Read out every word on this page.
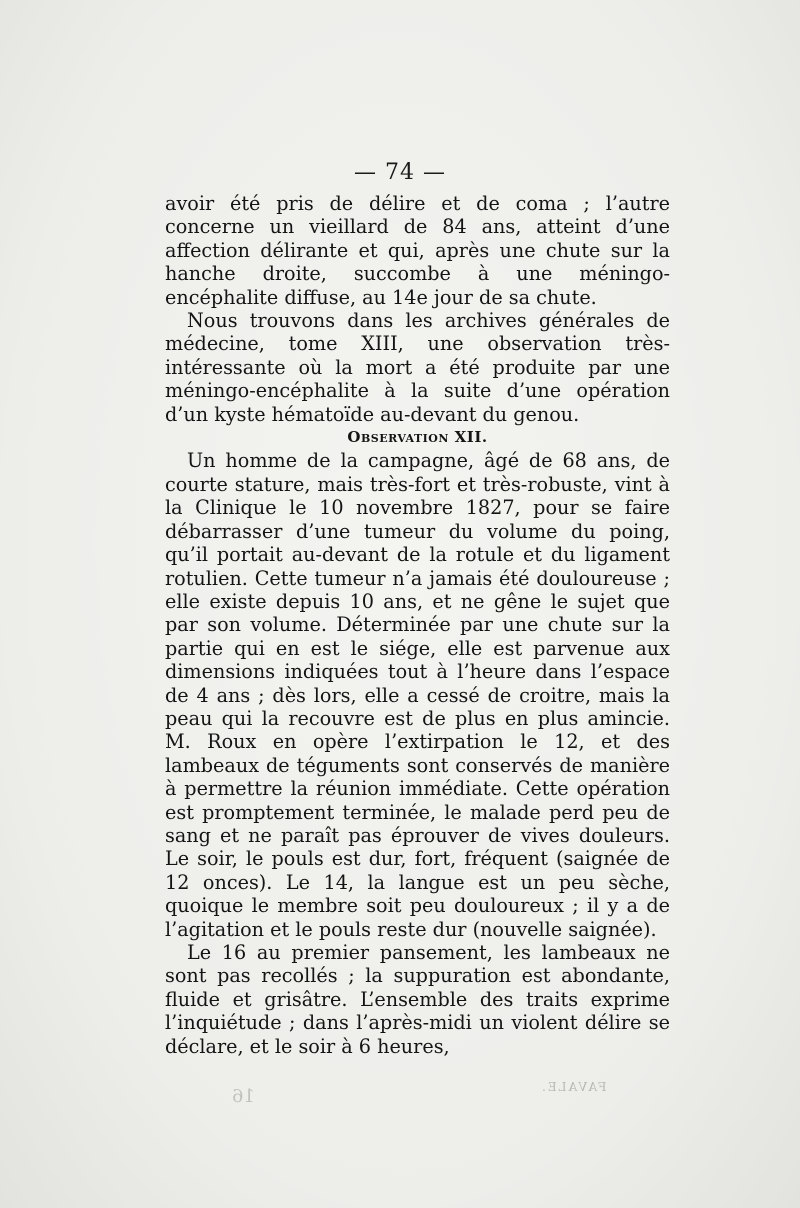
— 74 —

avoir été pris de délire et de coma ; l’autre concerne un vieillard de 84 ans, atteint d’une affection délirante et qui, après une chute sur la hanche droite, succombe à une méningo-encéphalite diffuse, au 14e jour de sa chute.

Nous trouvons dans les archives générales de médecine, tome XIII, une observation très-intéressante où la mort a été produite par une méningo-encéphalite à la suite d’une opération d’un kyste hématoïde au-devant du genou.

Observation XII.

Un homme de la campagne, âgé de 68 ans, de courte stature, mais très-fort et très-robuste, vint à la Clinique le 10 novembre 1827, pour se faire débarrasser d’une tumeur du volume du poing, qu’il portait au-devant de la rotule et du ligament rotulien. Cette tumeur n’a jamais été douloureuse ; elle existe depuis 10 ans, et ne gêne le sujet que par son volume. Déterminée par une chute sur la partie qui en est le siége, elle est parvenue aux dimensions indiquées tout à l’heure dans l’espace de 4 ans ; dès lors, elle a cessé de croitre, mais la peau qui la recouvre est de plus en plus amincie. M. Roux en opère l’extirpation le 12, et des lambeaux de téguments sont conservés de manière à permettre la réunion immédiate. Cette opération est promptement terminée, le malade perd peu de sang et ne paraît pas éprouver de vives douleurs. Le soir, le pouls est dur, fort, fréquent (saignée de 12 onces). Le 14, la langue est un peu sèche, quoique le membre soit peu douloureux ; il y a de l’agitation et le pouls reste dur (nouvelle saignée).

Le 16 au premier pansement, les lambeaux ne sont pas recollés ; la suppuration est abondante, fluide et grisâtre. L’ensemble des traits exprime l’inquiétude ; dans l’après-midi un violent délire se déclare, et le soir à 6 heures,

16	FAVALE.
